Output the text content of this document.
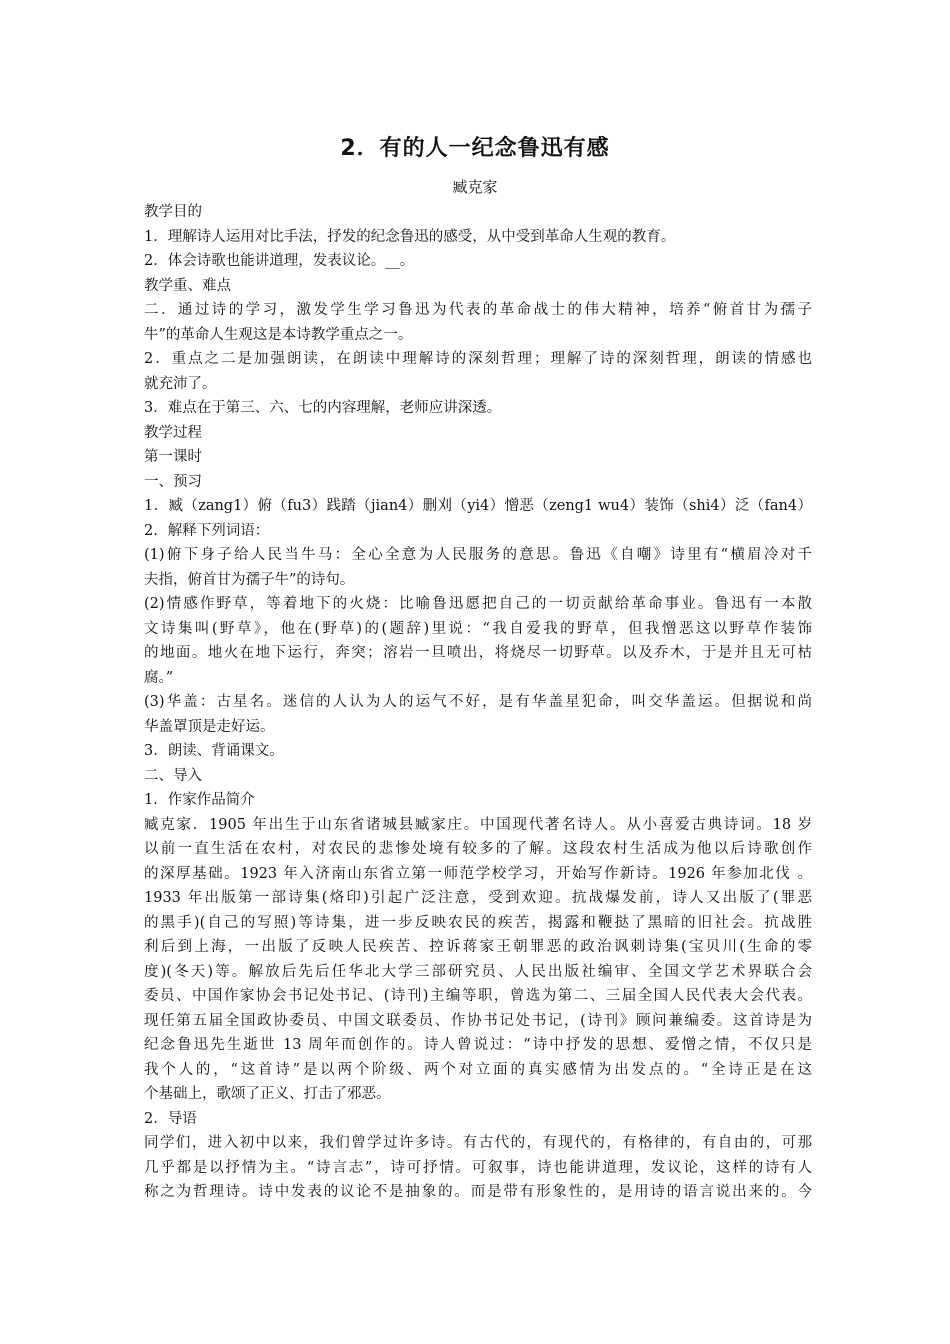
2．有的人一纪念鲁迅有感
臧克家
教学目的
1．理解诗人运用对比手法，抒发的纪念鲁迅的感受，从中受到革命人生观的教育。
2．体会诗歌也能讲道理，发表议论。__。
教学重、难点
二．通过诗的学习，激发学生学习鲁迅为代表的革命战士的伟大精神，培养“俯首甘为孺子
牛”的革命人生观这是本诗教学重点之一。
2．重点之二是加强朗读，在朗读中理解诗的深刻哲理；理解了诗的深刻哲理，朗读的情感也
就充沛了。
3．难点在于第三、六、七的内容理解，老师应讲深透。
教学过程
第一课时
一、预习
1．臧（zang1）俯（fu3）践踏（jian4）删刈（yi4）憎恶（zeng1 wu4）装饰（shi4）泛（fan4）
2．解释下列词语：
(1)俯下身子给人民当牛马：全心全意为人民服务的意思。鲁迅《自嘲》诗里有“横眉冷对千
夫指，俯首甘为孺子牛”的诗句。
(2)情感作野草，等着地下的火烧：比喻鲁迅愿把自己的一切贡献给革命事业。鲁迅有一本散
文诗集叫(野草》，他在(野草)的(题辞)里说：“我自爱我的野草，但我憎恶这以野草作装饰
的地面。地火在地下运行，奔突；溶岩一旦喷出，将烧尽一切野草。以及乔木，于是并且无可枯
腐。”
(3)华盖：古星名。迷信的人认为人的运气不好，是有华盖星犯命，叫交华盖运。但据说和尚
华盖罩顶是走好运。
3．朗读、背诵课文。
二、导入
1．作家作品简介
臧克家．1905 年出生于山东省诸城县臧家庄。中国现代著名诗人。从小喜爱古典诗词。18 岁
以前一直生活在农村，对农民的悲惨处境有较多的了解。这段农村生活成为他以后诗歌创作
的深厚基础。1923 年入济南山东省立第一师范学校学习，开始写作新诗。1926 年参加北伐 。
1933 年出版第一部诗集(烙印)引起广泛注意，受到欢迎。抗战爆发前，诗人又出版了(罪恶
的黑手)(自己的写照)等诗集，进一步反映农民的疾苦，揭露和鞭挞了黑暗的旧社会。抗战胜
利后到上海，一出版了反映人民疾苦、控诉蒋家王朝罪恶的政治讽刺诗集(宝贝川(生命的零
度)(冬天)等。解放后先后任华北大学三部研究员、人民出版社编审、全国文学艺术界联合会
委员、中国作家协会书记处书记、(诗刊)主编等职，曾选为第二、三届全国人民代表大会代表。
现任第五届全国政协委员、中国文联委员、作协书记处书记，(诗刊》顾问兼编委。这首诗是为
纪念鲁迅先生逝世 13 周年而创作的。诗人曾说过：“诗中抒发的思想、爱憎之情，不仅只是
我个人的，“这首诗”是以两个阶级、两个对立面的真实感情为出发点的。“全诗正是在这
个基础上，歌颂了正义、打击了邪恶。
2．导语
同学们，进入初中以来，我们曾学过许多诗。有古代的，有现代的，有格律的，有自由的，可那
几乎都是以抒情为主。“诗言志”，诗可抒情。可叙事，诗也能讲道理，发议论，这样的诗有人
称之为哲理诗。诗中发表的议论不是抽象的。而是带有形象性的，是用诗的语言说出来的。今
